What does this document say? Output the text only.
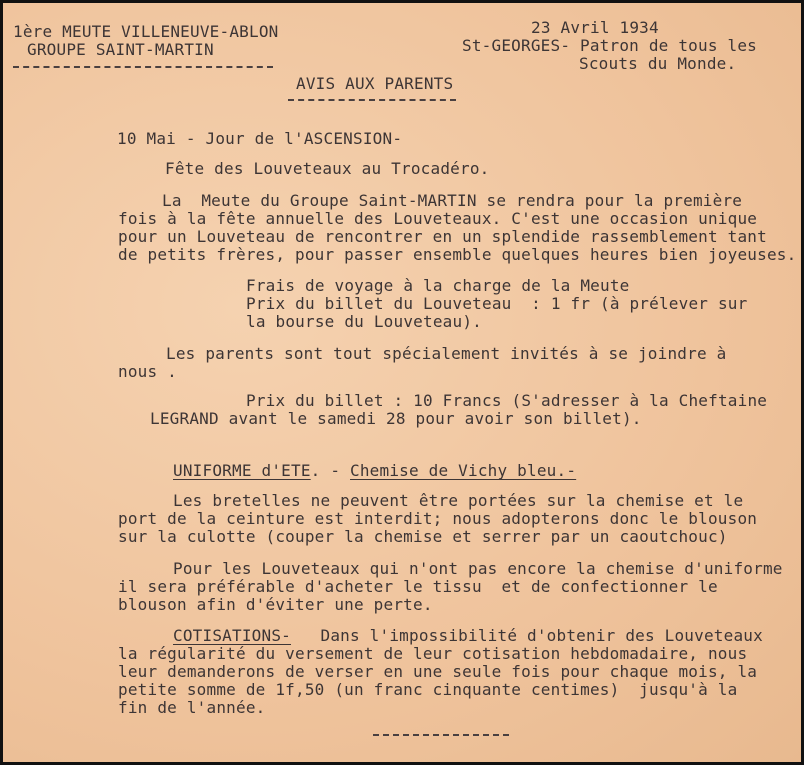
1ère MEUTE VILLENEUVE-ABLON
GROUPE SAINT-MARTIN
23 Avril 1934
St-GEORGES- Patron de tous les
Scouts du Monde.
AVIS AUX PARENTS
10 Mai - Jour de l'ASCENSION-
Fête des Louveteaux au Trocadéro.
La  Meute du Groupe Saint-MARTIN se rendra pour la première
fois à la fête annuelle des Louveteaux. C'est une occasion unique
pour un Louveteau de rencontrer en un splendide rassemblement tant
de petits frères, pour passer ensemble quelques heures bien joyeuses.
Frais de voyage à la charge de la Meute
Prix du billet du Louveteau  : 1 fr (à prélever sur
la bourse du Louveteau).
Les parents sont tout spécialement invités à se joindre à
nous .
Prix du billet : 10 Francs (S'adresser à la Cheftaine
LEGRAND avant le samedi 28 pour avoir son billet).
UNIFORME d'ETE. - Chemise de Vichy bleu.-
Les bretelles ne peuvent être portées sur la chemise et le
port de la ceinture est interdit; nous adopterons donc le blouson
sur la culotte (couper la chemise et serrer par un caoutchouc)
Pour les Louveteaux qui n'ont pas encore la chemise d'uniforme
il sera préférable d'acheter le tissu  et de confectionner le
blouson afin d'éviter une perte.
COTISATIONS-   Dans l'impossibilité d'obtenir des Louveteaux
la régularité du versement de leur cotisation hebdomadaire, nous
leur demanderons de verser en une seule fois pour chaque mois, la
petite somme de 1f,50 (un franc cinquante centimes)  jusqu'à la
fin de l'année.
